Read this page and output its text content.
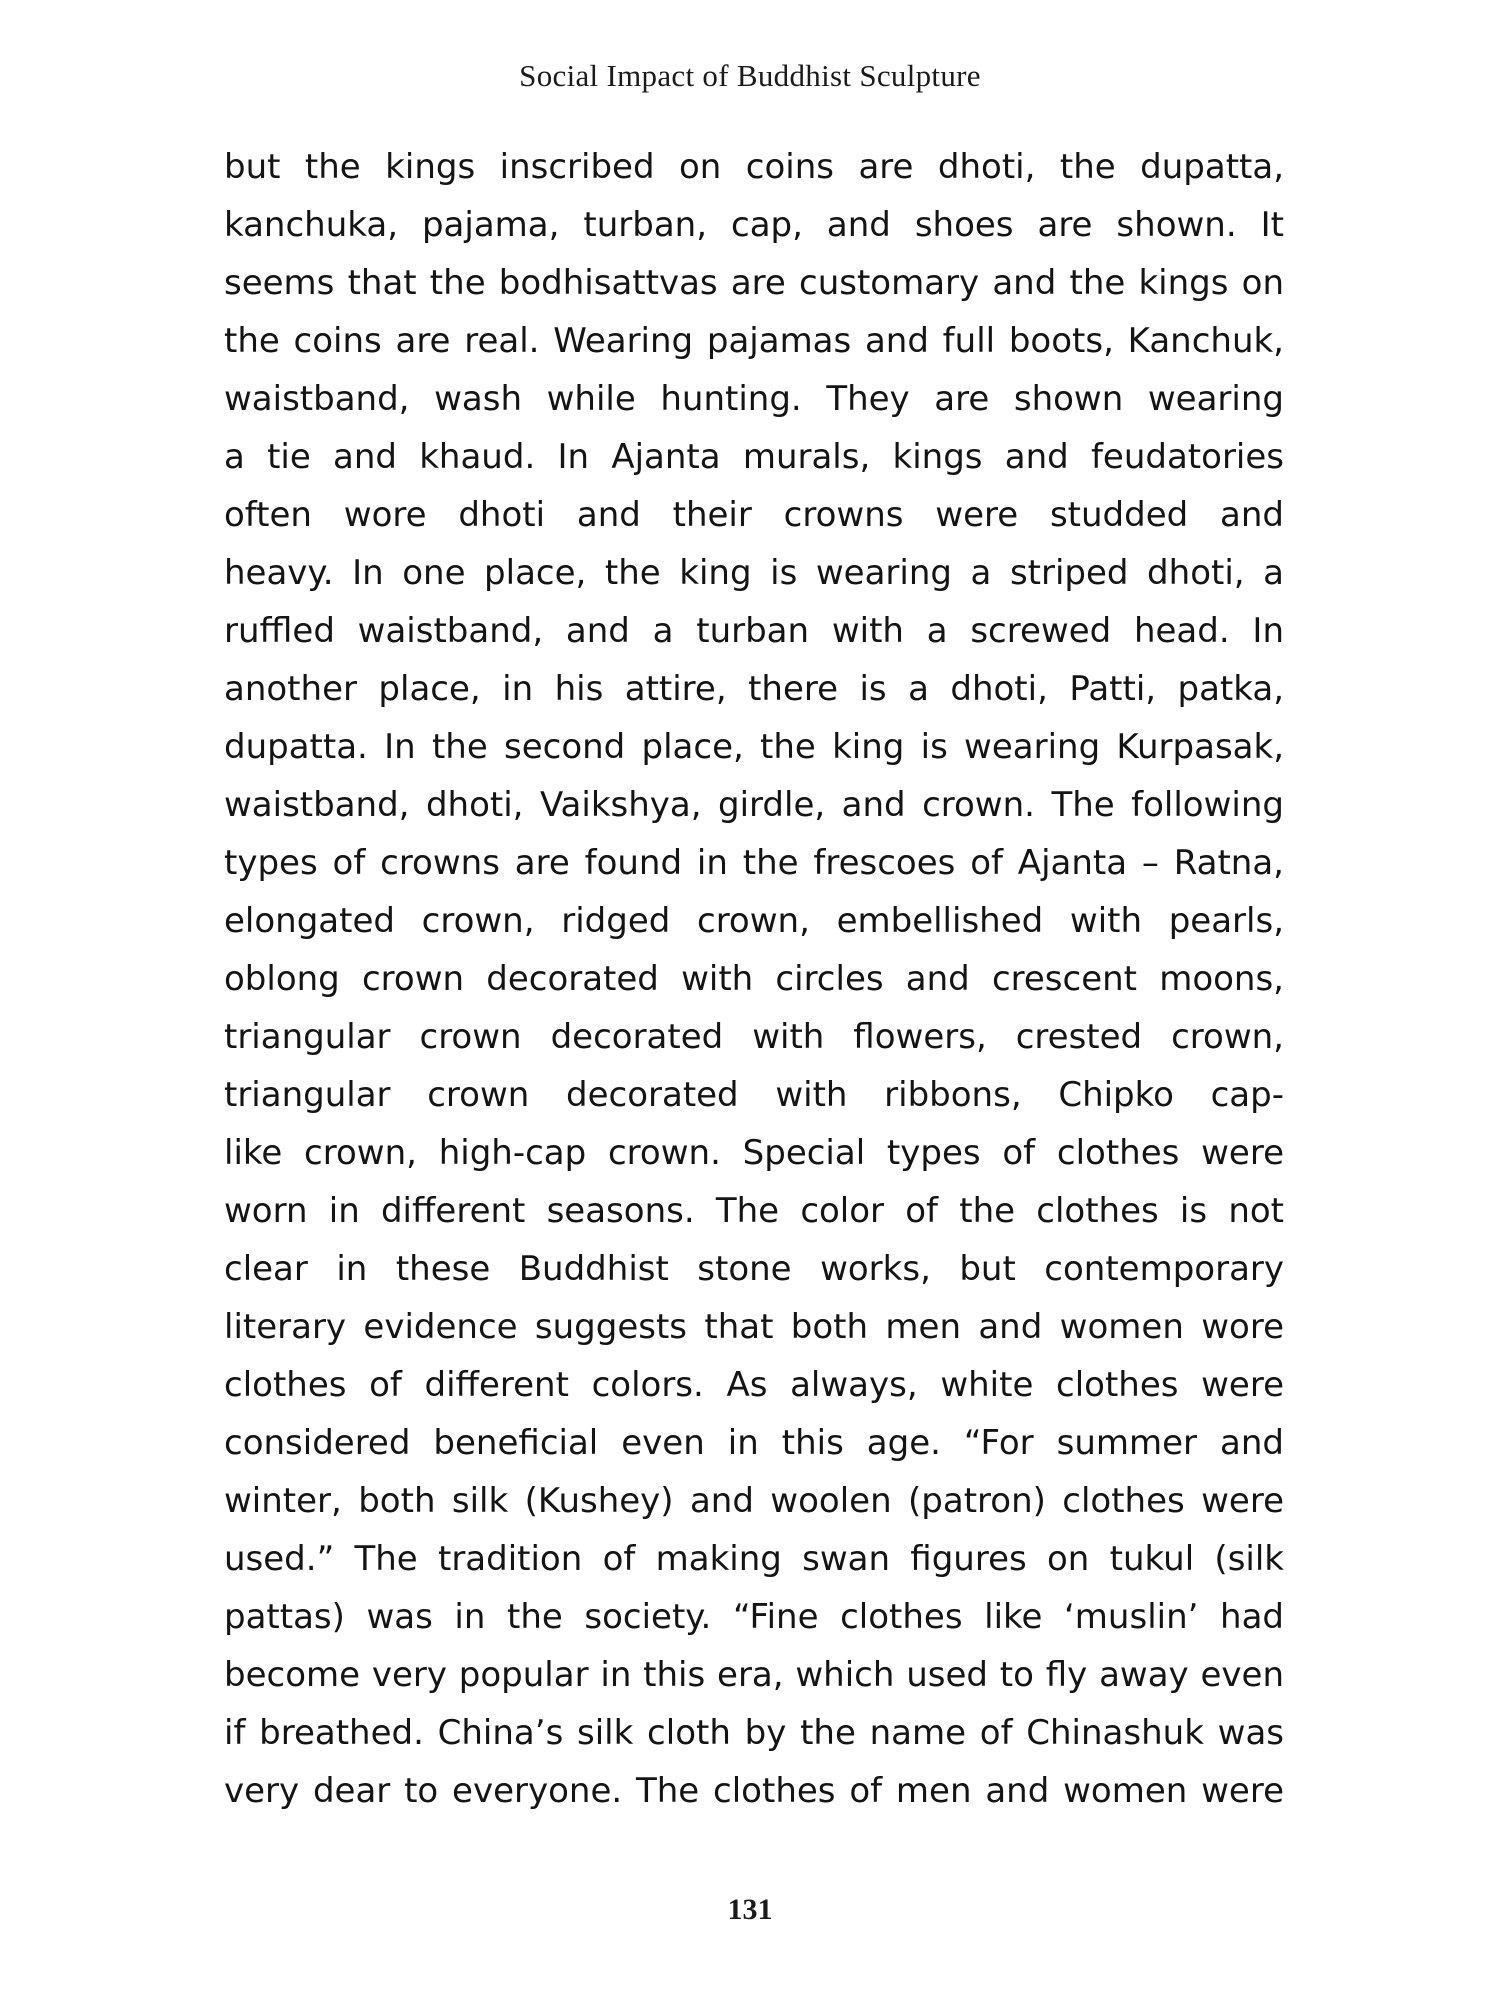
Social Impact of Buddhist Sculpture
but the kings inscribed on coins are dhoti, the dupatta,
kanchuka, pajama, turban, cap, and shoes are shown. It
seems that the bodhisattvas are customary and the kings on
the coins are real. Wearing pajamas and full boots, Kanchuk,
waistband, wash while hunting. They are shown wearing
a tie and khaud. In Ajanta murals, kings and feudatories
often wore dhoti and their crowns were studded and
heavy. In one place, the king is wearing a striped dhoti, a
ruffled waistband, and a turban with a screwed head. In
another place, in his attire, there is a dhoti, Patti, patka,
dupatta. In the second place, the king is wearing Kurpasak,
waistband, dhoti, Vaikshya, girdle, and crown. The following
types of crowns are found in the frescoes of Ajanta – Ratna,
elongated crown, ridged crown, embellished with pearls,
oblong crown decorated with circles and crescent moons,
triangular crown decorated with flowers, crested crown,
triangular crown decorated with ribbons, Chipko cap-
like crown, high-cap crown. Special types of clothes were
worn in different seasons. The color of the clothes is not
clear in these Buddhist stone works, but contemporary
literary evidence suggests that both men and women wore
clothes of different colors. As always, white clothes were
considered beneficial even in this age. “For summer and
winter, both silk (Kushey) and woolen (patron) clothes were
used.” The tradition of making swan figures on tukul (silk
pattas) was in the society. “Fine clothes like ‘muslin’ had
become very popular in this era, which used to fly away even
if breathed. China’s silk cloth by the name of Chinashuk was
very dear to everyone. The clothes of men and women were
131
